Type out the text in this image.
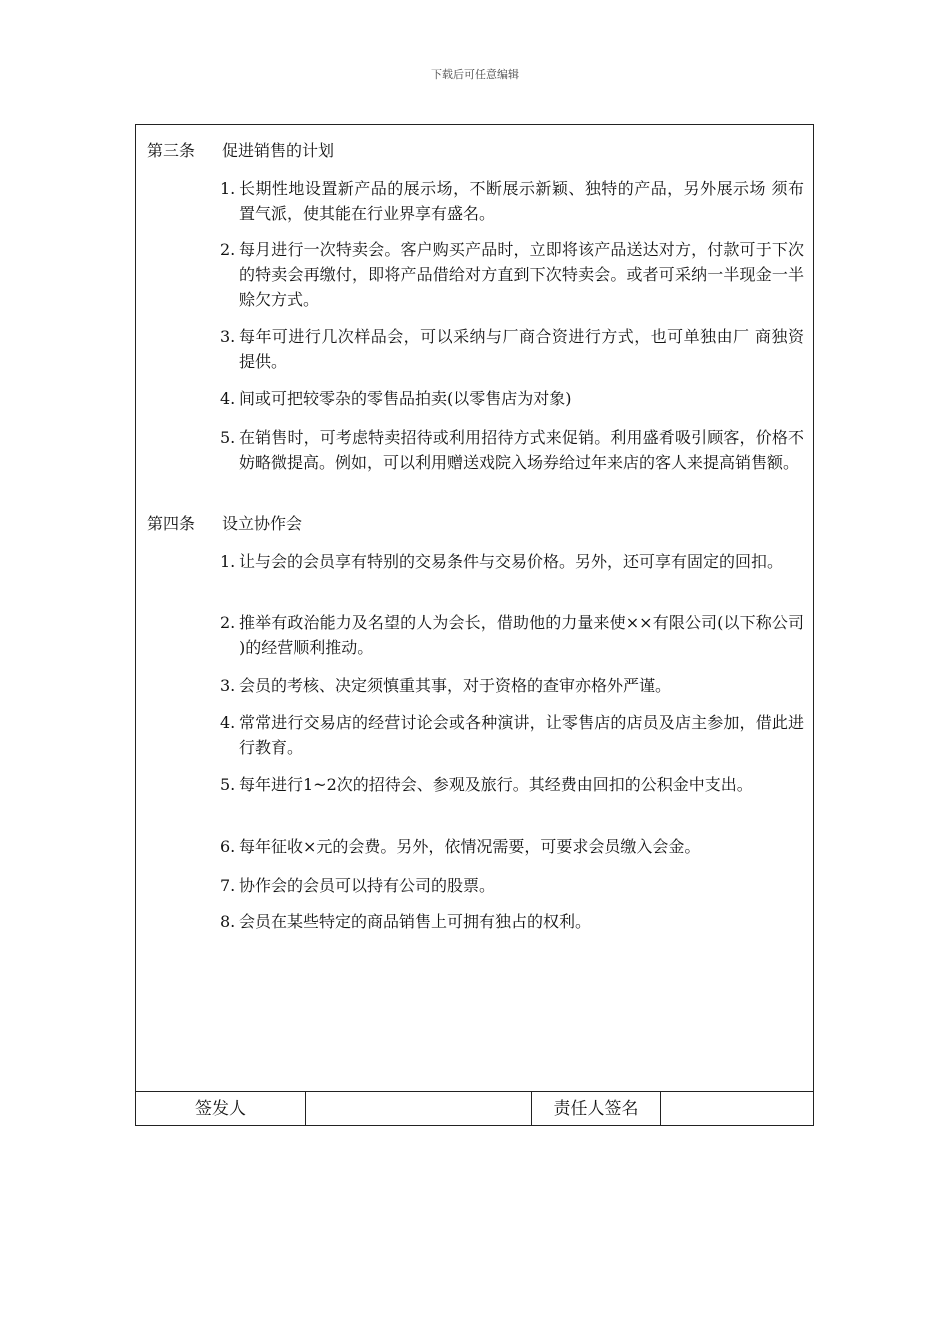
下载后可任意编辑
第三条 促进销售的计划
1. 长期性地设置新产品的展示场，不断展示新颖、独特的产品，另外展示场 须布置气派，使其能在行业界享有盛名。
2. 每月进行一次特卖会。客户购买产品时，立即将该产品送达对方，付款可于下次 的特卖会再缴付，即将产品借给对方直到下次特卖会。或者可采纳一半现金一半赊欠方式。
3. 每年可进行几次样品会，可以采纳与厂商合资进行方式，也可单独由厂 商独资提供。
4. 间或可把较零杂的零售品拍卖(以零售店为对象)
5. 在销售时，可考虑特卖招待或利用招待方式来促销。利用盛肴吸引顾客，价格不 妨略微提高。例如，可以利用赠送戏院入场券给过年来店的客人来提高销售额。
第四条 设立协作会
1. 让与会的会员享有特别的交易条件与交易价格。另外，还可享有固定的回扣。
2. 推举有政治能力及名望的人为会长，借助他的力量来使××有限公司(以下称公司 )的经营顺利推动。
3. 会员的考核、决定须慎重其事，对于资格的查审亦格外严谨。
4. 常常进行交易店的经营讨论会或各种演讲，让零售店的店员及店主参加，借此进 行教育。
5. 每年进行1~2次的招待会、参观及旅行。其经费由回扣的公积金中支出。
6. 每年征收×元的会费。另外，依情况需要，可要求会员缴入会金。
7. 协作会的会员可以持有公司的股票。
8. 会员在某些特定的商品销售上可拥有独占的权利。
签发人	责任人签名
